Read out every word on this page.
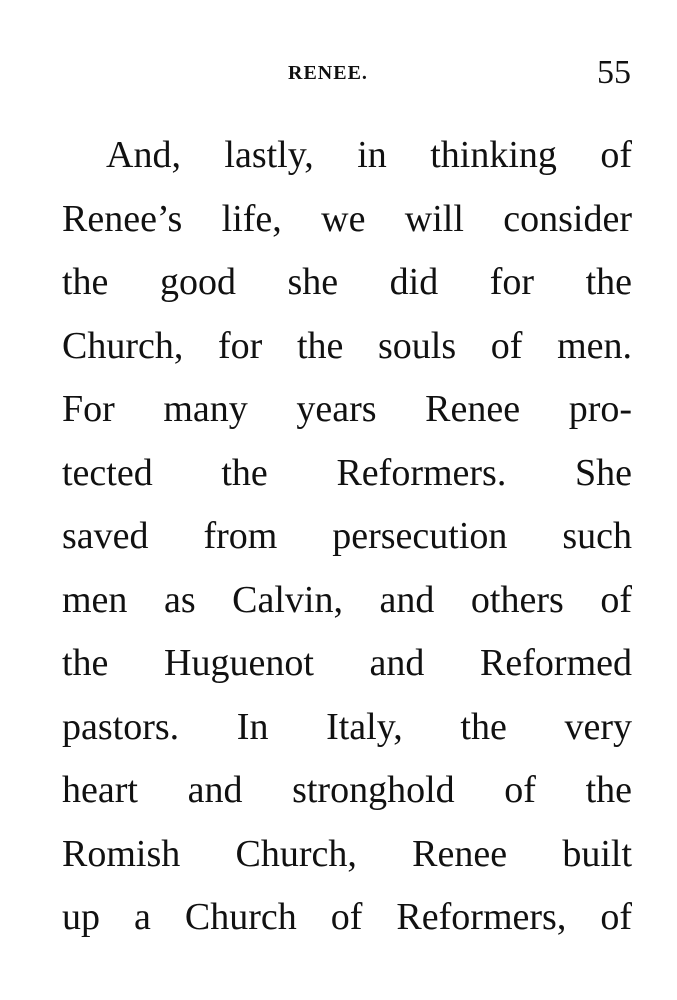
RENEE.	55
And, lastly, in thinking of
Renee’s life, we will consider
the good she did for the
Church, for the souls of men.
For many years Renee pro-
tected the Reformers. She
saved from persecution such
men as Calvin, and others of
the Huguenot and Reformed
pastors. In Italy, the very
heart and stronghold of the
Romish Church, Renee built
up a Church of Reformers, of
